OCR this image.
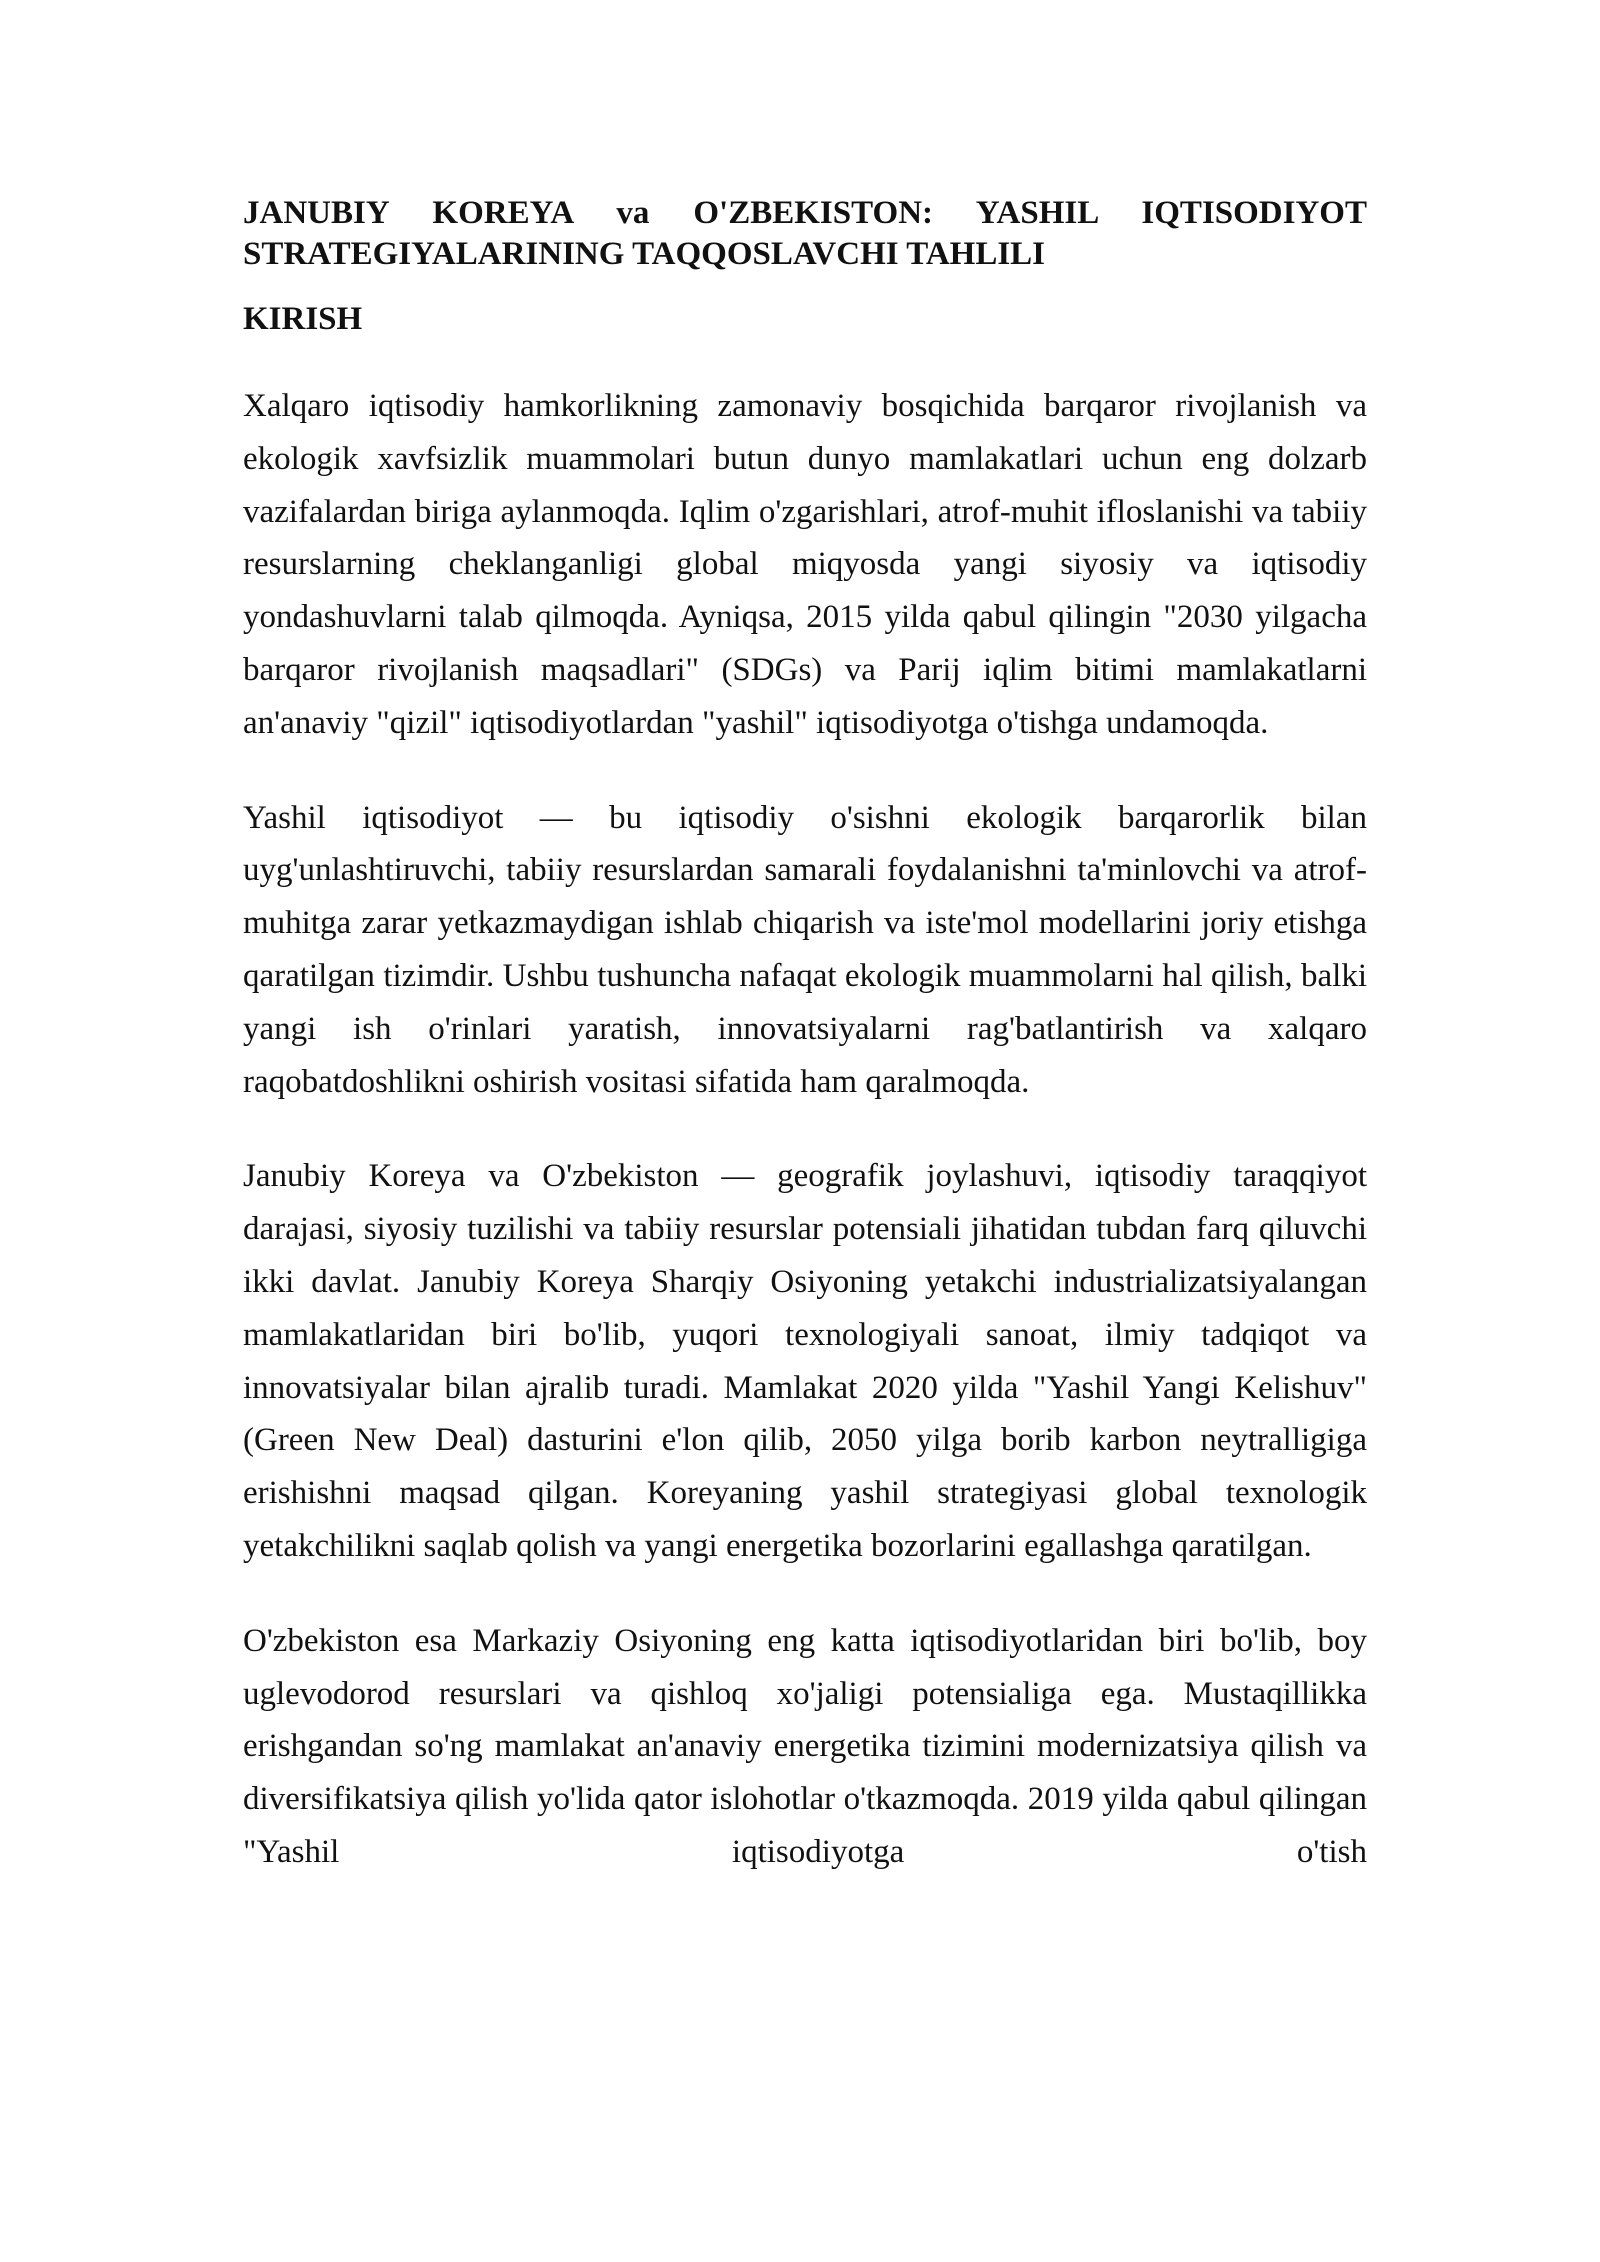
JANUBIY KOREYA va O'ZBEKISTON: YASHIL IQTISODIYOT
STRATEGIYALARINING TAQQOSLAVCHI TAHLILI
KIRISH

Xalqaro iqtisodiy hamkorlikning zamonaviy bosqichida barqaror rivojlanish va ekologik xavfsizlik muammolari butun dunyo mamlakatlari uchun eng dolzarb vazifalardan biriga aylanmoqda. Iqlim o'zgarishlari, atrof-muhit ifloslanishi va tabiiy resurslarning cheklanganligi global miqyosda yangi siyosiy va iqtisodiy yondashuvlarni talab qilmoqda. Ayniqsa, 2015 yilda qabul qilingin "2030 yilgacha barqaror rivojlanish maqsadlari" (SDGs) va Parij iqlim bitimi mamlakatlarni an'anaviy "qizil" iqtisodiyotlardan "yashil" iqtisodiyotga o'tishga undamoqda.

Yashil iqtisodiyot — bu iqtisodiy o'sishni ekologik barqarorlik bilan uyg'unlashtiruvchi, tabiiy resurslardan samarali foydalanishni ta'minlovchi va atrof-muhitga zarar yetkazmaydigan ishlab chiqarish va iste'mol modellarini joriy etishga qaratilgan tizimdir. Ushbu tushuncha nafaqat ekologik muammolarni hal qilish, balki yangi ish o'rinlari yaratish, innovatsiyalarni rag'batlantirish va xalqaro raqobatdoshlikni oshirish vositasi sifatida ham qaralmoqda.

Janubiy Koreya va O'zbekiston — geografik joylashuvi, iqtisodiy taraqqiyot darajasi, siyosiy tuzilishi va tabiiy resurslar potensiali jihatidan tubdan farq qiluvchi ikki davlat. Janubiy Koreya Sharqiy Osiyoning yetakchi industrializatsiyalangan mamlakatlaridan biri bo'lib, yuqori texnologiyali sanoat, ilmiy tadqiqot va innovatsiyalar bilan ajralib turadi. Mamlakat 2020 yilda "Yashil Yangi Kelishuv" (Green New Deal) dasturini e'lon qilib, 2050 yilga borib karbon neytralligiga erishishni maqsad qilgan. Koreyaning yashil strategiyasi global texnologik yetakchilikni saqlab qolish va yangi energetika bozorlarini egallashga qaratilgan.

O'zbekiston esa Markaziy Osiyoning eng katta iqtisodiyotlaridan biri bo'lib, boy uglevodorod resurslari va qishloq xo'jaligi potensialiga ega. Mustaqillikka erishgandan so'ng mamlakat an'anaviy energetika tizimini modernizatsiya qilish va diversifikatsiya qilish yo'lida qator islohotlar o'tkazmoqda. 2019 yilda qabul qilingan "Yashil iqtisodiyotga o'tish
